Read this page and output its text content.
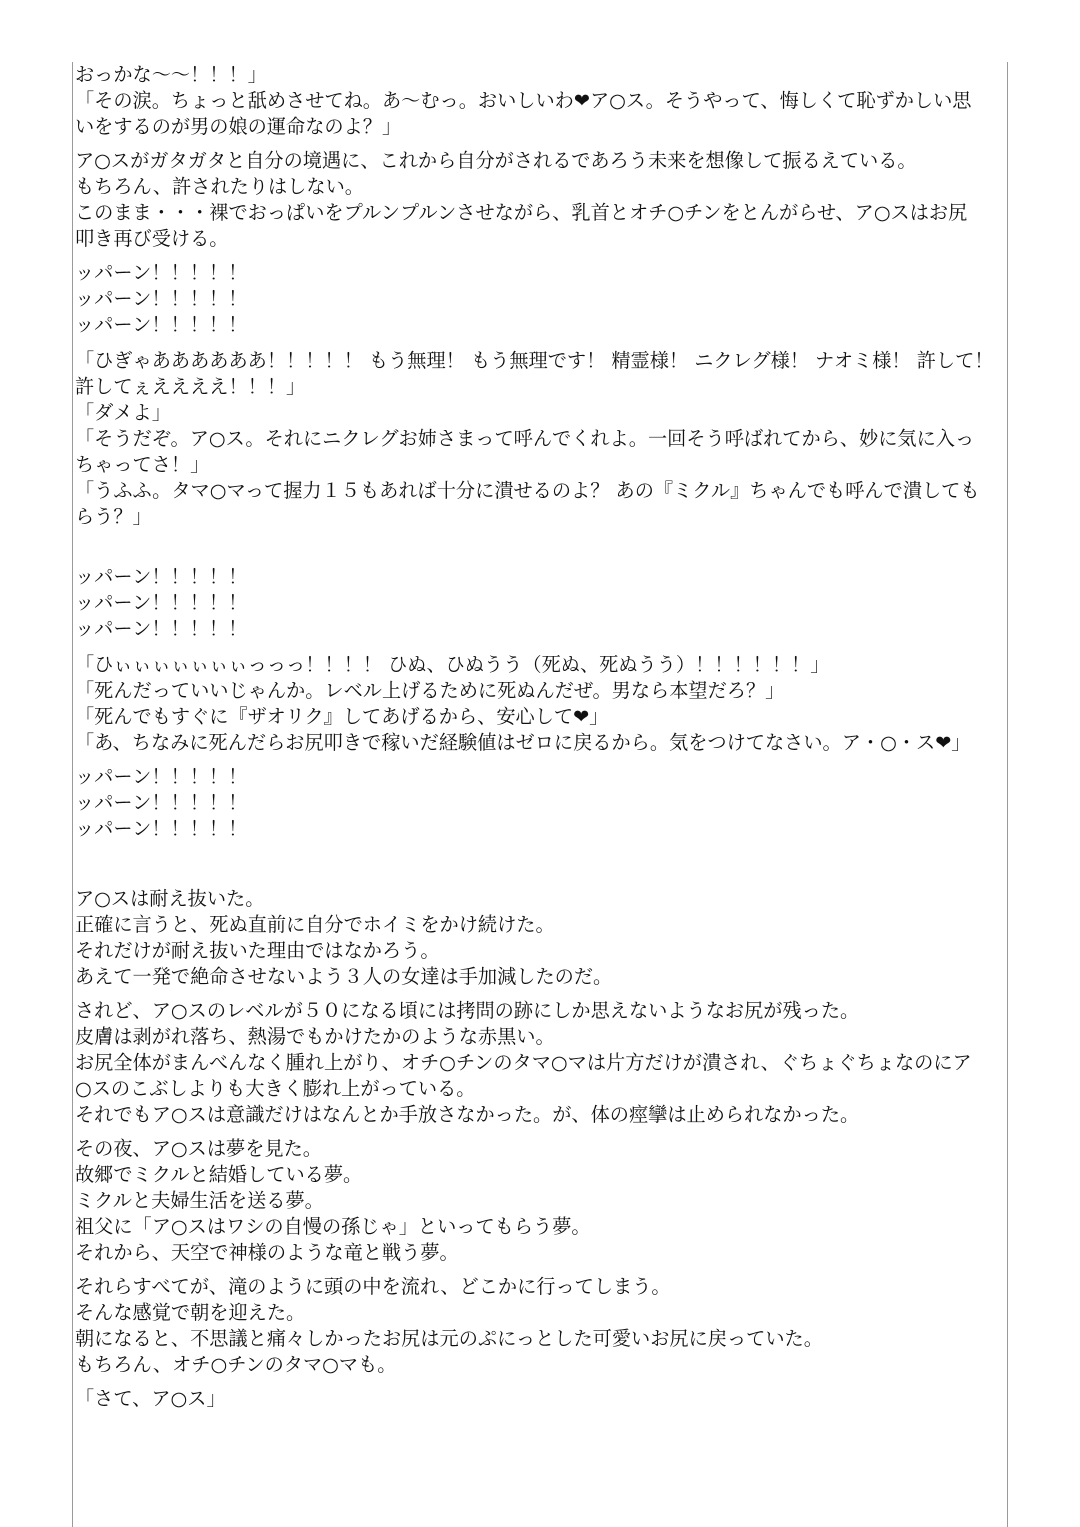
おっかな～～！！！」
「その涙。ちょっと舐めさせてね。あ～むっ。おいしいわ❤ア○ス。そうやって、悔しくて恥ずかしい思
いをするのが男の娘の運命なのよ？」
ア○スがガタガタと自分の境遇に、これから自分がされるであろう未来を想像して振るえている。
もちろん、許されたりはしない。
このまま・・・裸でおっぱいをプルンプルンさせながら、乳首とオチ○チンをとんがらせ、ア○スはお尻
叩き再び受ける。
ッパーン！！！！！
ッパーン！！！！！
ッパーン！！！！！
「ひぎゃああああああ！！！！！ もう無理！ もう無理です！ 精霊様！ ニクレグ様！ ナオミ様！ 許して！
許してぇええええ！！！」
「ダメよ」
「そうだぞ。ア○ス。それにニクレグお姉さまって呼んでくれよ。一回そう呼ばれてから、妙に気に入っ
ちゃってさ！」
「うふふ。タマ○マって握力１５もあれば十分に潰せるのよ？ あの『ミクル』ちゃんでも呼んで潰しても
らう？」
ッパーン！！！！！
ッパーン！！！！！
ッパーン！！！！！
「ひぃぃぃぃぃぃぃっっっ！！！！ ひぬ、ひぬうう（死ぬ、死ぬうう）！！！！！！」
「死んだっていいじゃんか。レベル上げるために死ぬんだぜ。男なら本望だろ？」
「死んでもすぐに『ザオリク』してあげるから、安心して❤」
「あ、ちなみに死んだらお尻叩きで稼いだ経験値はゼロに戻るから。気をつけてなさい。ア・○・ス❤」
ッパーン！！！！！
ッパーン！！！！！
ッパーン！！！！！
ア○スは耐え抜いた。
正確に言うと、死ぬ直前に自分でホイミをかけ続けた。
それだけが耐え抜いた理由ではなかろう。
あえて一発で絶命させないよう３人の女達は手加減したのだ。
されど、ア○スのレベルが５０になる頃には拷問の跡にしか思えないようなお尻が残った。
皮膚は剥がれ落ち、熱湯でもかけたかのような赤黒い。
お尻全体がまんべんなく腫れ上がり、オチ○チンのタマ○マは片方だけが潰され、ぐちょぐちょなのにア
○スのこぶしよりも大きく膨れ上がっている。
それでもア○スは意識だけはなんとか手放さなかった。が、体の痙攣は止められなかった。
その夜、ア○スは夢を見た。
故郷でミクルと結婚している夢。
ミクルと夫婦生活を送る夢。
祖父に「ア○スはワシの自慢の孫じゃ」といってもらう夢。
それから、天空で神様のような竜と戦う夢。
それらすべてが、滝のように頭の中を流れ、どこかに行ってしまう。
そんな感覚で朝を迎えた。
朝になると、不思議と痛々しかったお尻は元のぷにっとした可愛いお尻に戻っていた。
もちろん、オチ○チンのタマ○マも。
「さて、ア○ス」
